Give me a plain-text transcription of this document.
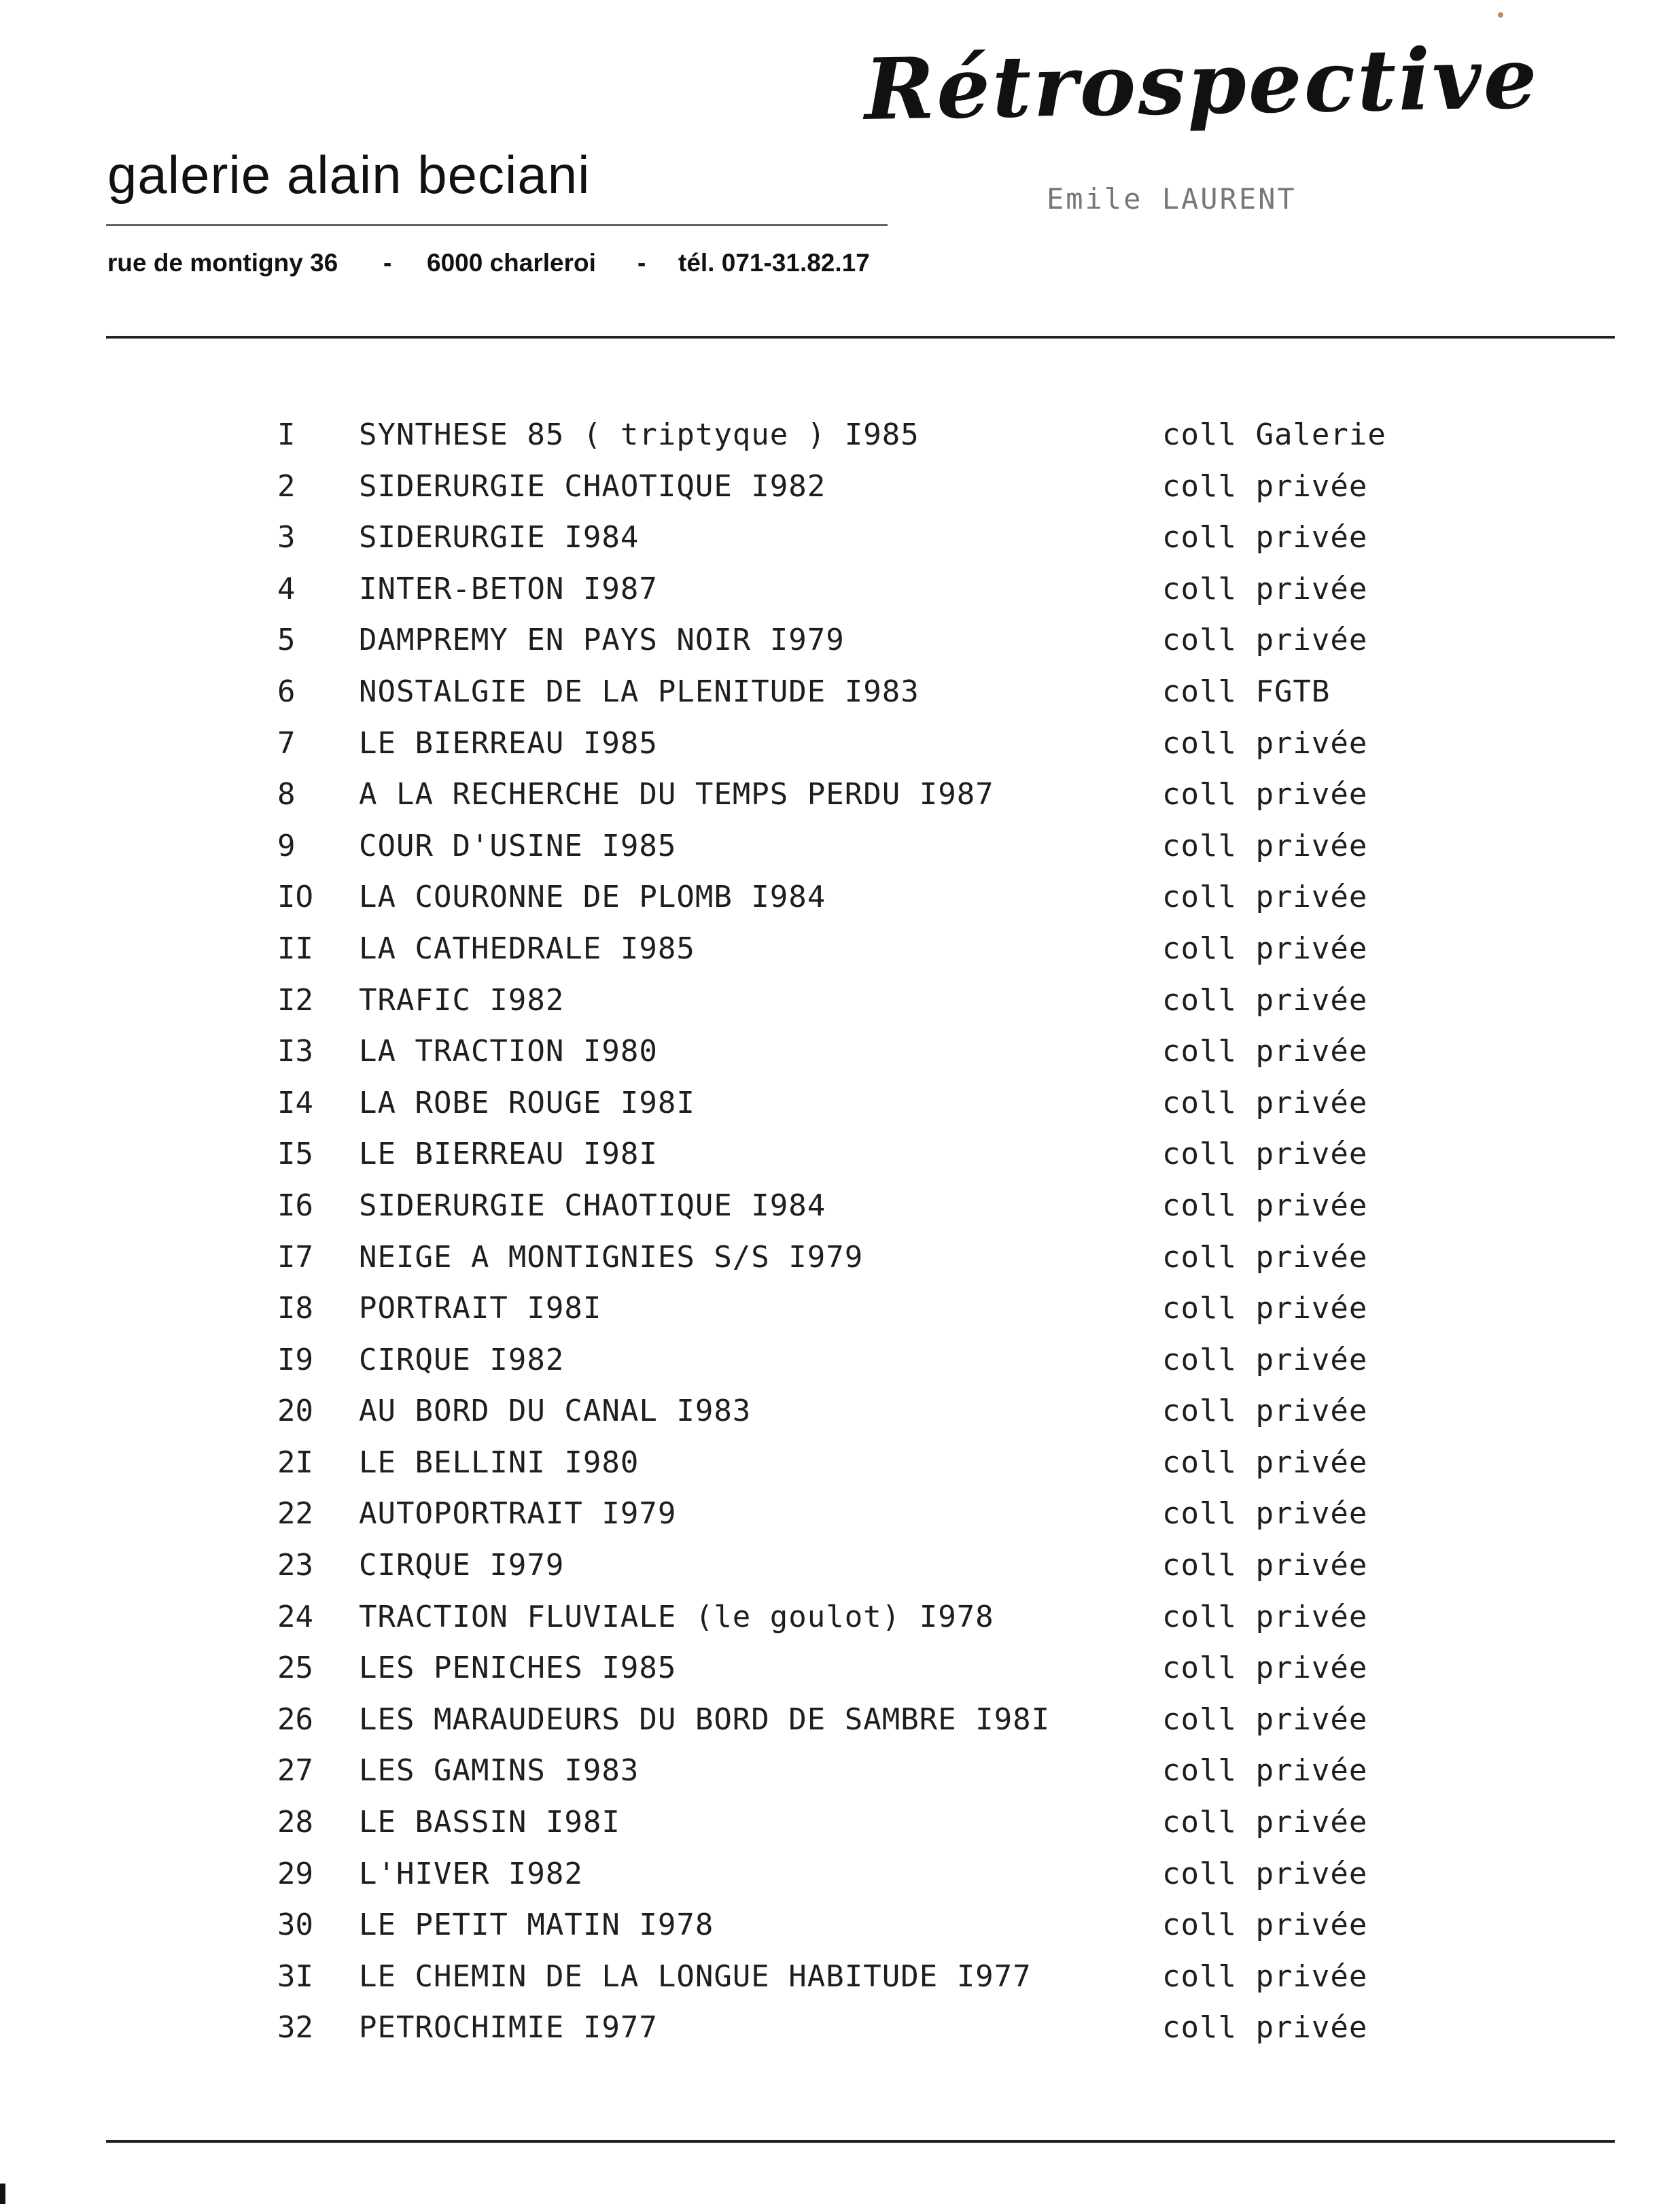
galerie alain beciani
rue de montigny 36 - 6000 charleroi - tél. 071-31.82.17
Rétrospective
Emile LAURENT
I SYNTHESE 85 ( triptyque ) I985	coll Galerie
2 SIDERURGIE CHAOTIQUE I982	coll privée
3 SIDERURGIE I984	coll privée
4 INTER-BETON I987	coll privée
5 DAMPREMY EN PAYS NOIR I979	coll privée
6 NOSTALGIE DE LA PLENITUDE I983	coll FGTB
7 LE BIERREAU I985	coll privée
8 A LA RECHERCHE DU TEMPS PERDU I987	coll privée
9 COUR D'USINE I985	coll privée
IO LA COURONNE DE PLOMB I984	coll privée
II LA CATHEDRALE I985	coll privée
I2 TRAFIC I982	coll privée
I3 LA TRACTION I980	coll privée
I4 LA ROBE ROUGE I98I	coll privée
I5 LE BIERREAU I98I	coll privée
I6 SIDERURGIE CHAOTIQUE I984	coll privée
I7 NEIGE A MONTIGNIES S/S I979	coll privée
I8 PORTRAIT I98I	coll privée
I9 CIRQUE I982	coll privée
20 AU BORD DU CANAL I983	coll privée
2I LE BELLINI I980	coll privée
22 AUTOPORTRAIT I979	coll privée
23 CIRQUE I979	coll privée
24 TRACTION FLUVIALE (le goulot) I978	coll privée
25 LES PENICHES I985	coll privée
26 LES MARAUDEURS DU BORD DE SAMBRE I98I	coll privée
27 LES GAMINS I983	coll privée
28 LE BASSIN I98I	coll privée
29 L'HIVER I982	coll privée
30 LE PETIT MATIN I978	coll privée
3I LE CHEMIN DE LA LONGUE HABITUDE I977	coll privée
32 PETROCHIMIE I977	coll privée
